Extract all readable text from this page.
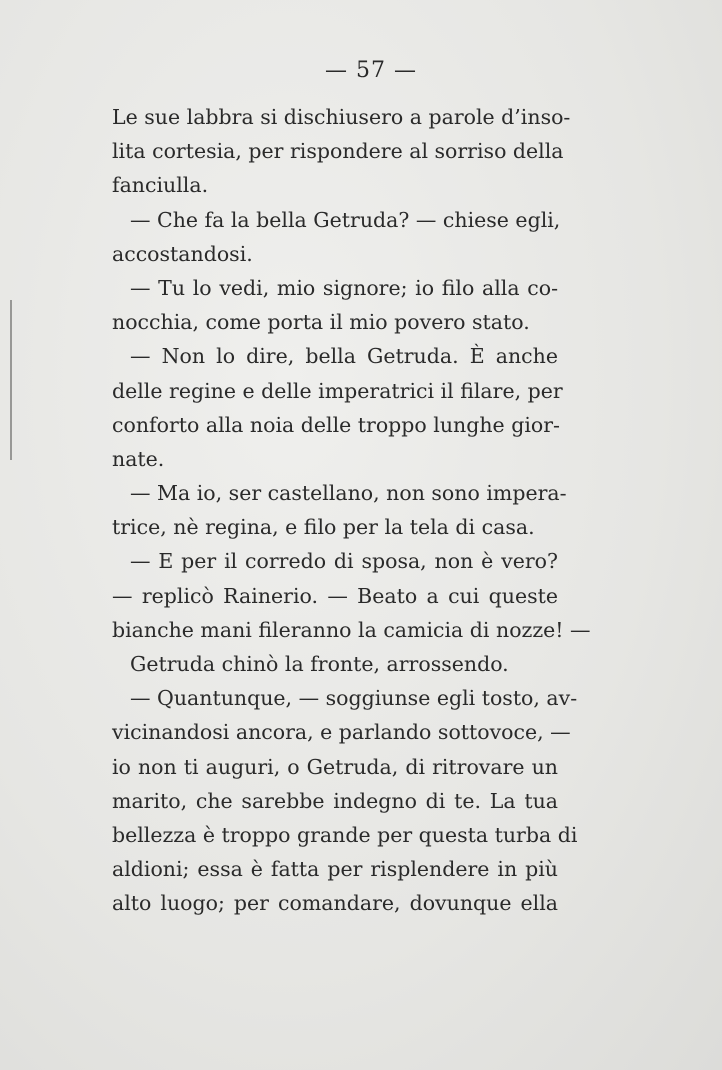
— 57 —
Le sue labbra si dischiusero a parole d’inso-
lita cortesia, per rispondere al sorriso della
fanciulla.
— Che fa la bella Getruda? — chiese egli,
accostandosi.
— Tu lo vedi, mio signore; io filo alla co-
nocchia, come porta il mio povero stato.
— Non lo dire, bella Getruda. È anche
delle regine e delle imperatrici il filare, per
conforto alla noia delle troppo lunghe gior-
nate.
— Ma io, ser castellano, non sono impera-
trice, nè regina, e filo per la tela di casa.
— E per il corredo di sposa, non è vero?
— replicò Rainerio. — Beato a cui queste
bianche mani fileranno la camicia di nozze! —
Getruda chinò la fronte, arrossendo.
— Quantunque, — soggiunse egli tosto, av-
vicinandosi ancora, e parlando sottovoce, —
io non ti auguri, o Getruda, di ritrovare un
marito, che sarebbe indegno di te. La tua
bellezza è troppo grande per questa turba di
aldioni; essa è fatta per risplendere in più
alto luogo; per comandare, dovunque ella
